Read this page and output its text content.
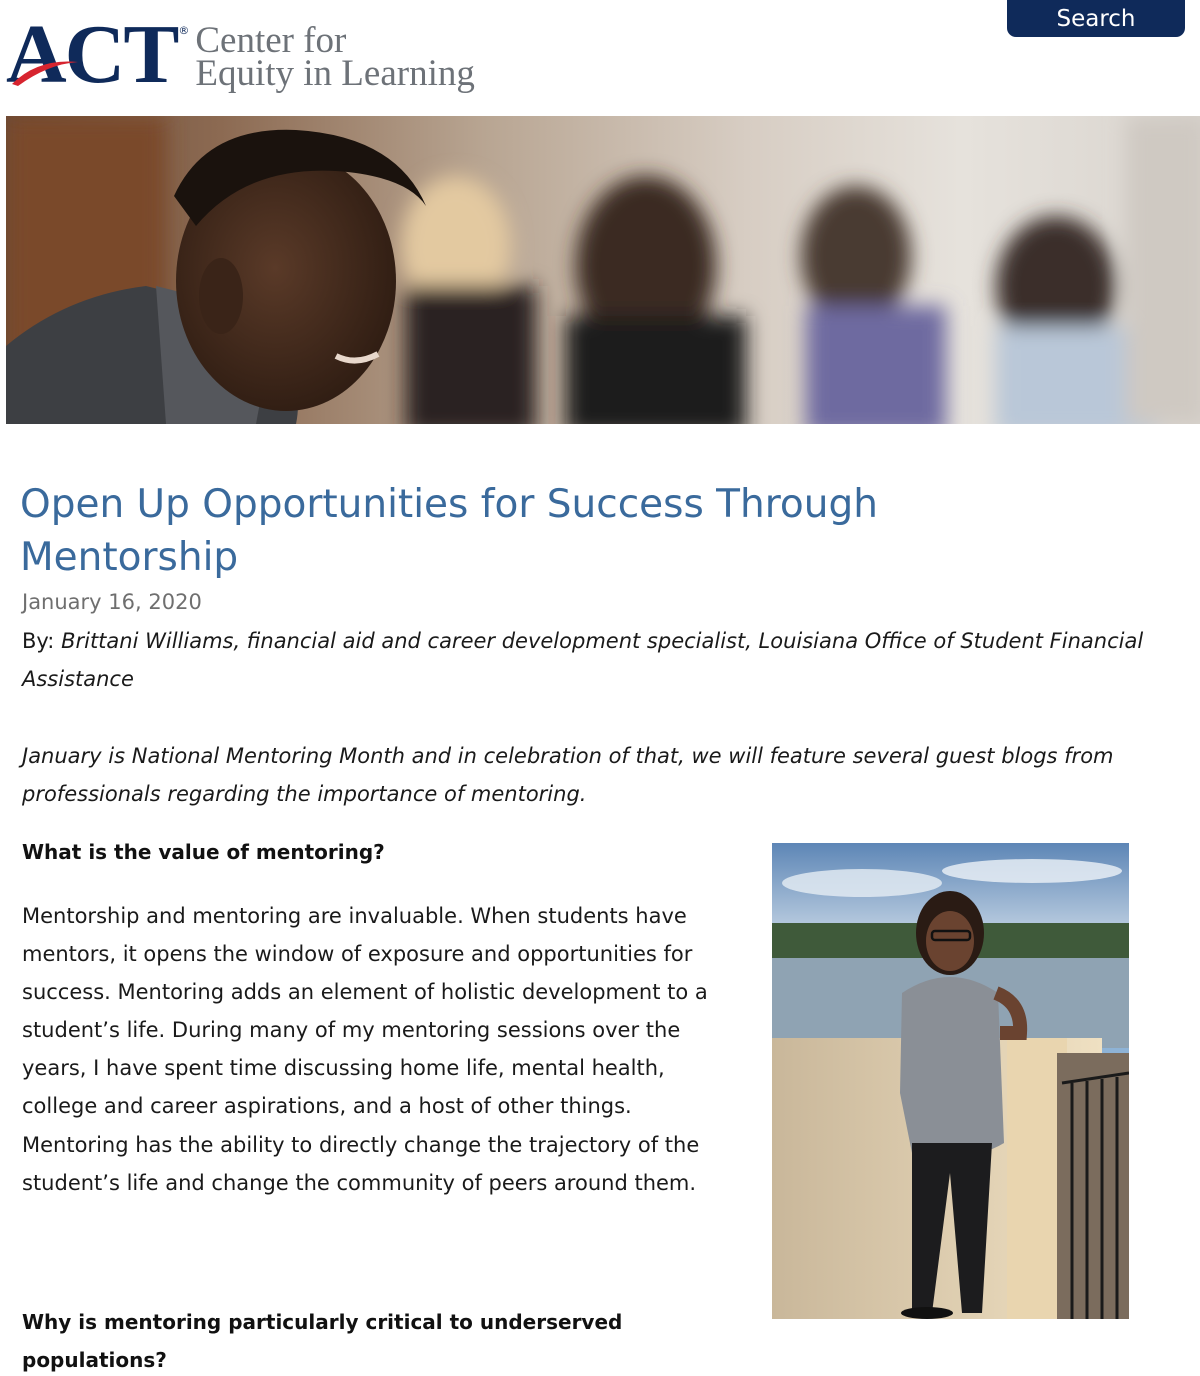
ACT ® Center for
Equity in Learning
Search
Open Up Opportunities for Success Through Mentorship
January 16, 2020
By: Brittani Williams, financial aid and career development specialist, Louisiana Office of Student Financial Assistance

January is National Mentoring Month and in celebration of that, we will feature several guest blogs from professionals regarding the importance of mentoring.

What is the value of mentoring?

Mentorship and mentoring are invaluable. When students have mentors, it opens the window of exposure and opportunities for success. Mentoring adds an element of holistic development to a student’s life. During many of my mentoring sessions over the years, I have spent time discussing home life, mental health, college and career aspirations, and a host of other things. Mentoring has the ability to directly change the trajectory of the student’s life and change the community of peers around them.

Why is mentoring particularly critical to underserved populations?
